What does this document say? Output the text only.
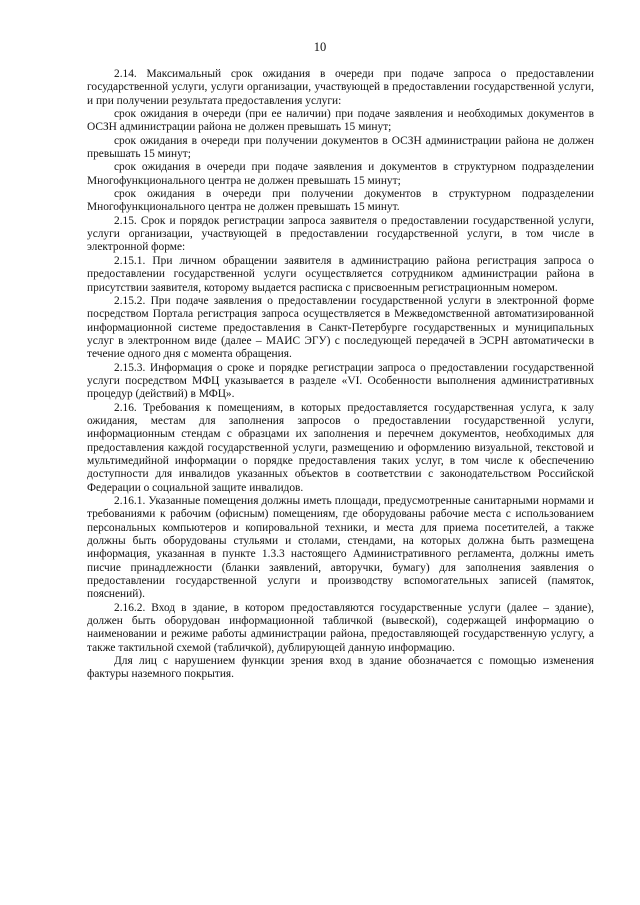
10

2.14. Максимальный срок ожидания в очереди при подаче запроса о предоставлении государственной услуги, услуги организации, участвующей в предоставлении государственной услуги, и при получении результата предоставления услуги:

срок ожидания в очереди (при ее наличии) при подаче заявления и необходимых документов в ОСЗН администрации района не должен превышать 15 минут;

срок ожидания в очереди при получении документов в ОСЗН администрации района не должен превышать 15 минут;

срок ожидания в очереди при подаче заявления и документов в структурном подразделении Многофункционального центра не должен превышать 15 минут;

срок ожидания в очереди при получении документов в структурном подразделении Многофункционального центра не должен превышать 15 минут.

2.15. Срок и порядок регистрации запроса заявителя о предоставлении государственной услуги, услуги организации, участвующей в предоставлении государственной услуги, в том числе в электронной форме:

2.15.1. При личном обращении заявителя в администрацию района регистрация запроса о предоставлении государственной услуги осуществляется сотрудником администрации района в присутствии заявителя, которому выдается расписка с присвоенным регистрационным номером.

2.15.2. При подаче заявления о предоставлении государственной услуги в электронной форме посредством Портала регистрация запроса осуществляется в Межведомственной автоматизированной информационной системе предоставления в Санкт-Петербурге государственных и муниципальных услуг в электронном виде (далее – МАИС ЭГУ) с последующей передачей в ЭСРН автоматически в течение одного дня с момента обращения.

2.15.3. Информация о сроке и порядке регистрации запроса о предоставлении государственной услуги посредством МФЦ указывается в разделе «VI. Особенности выполнения административных процедур (действий) в МФЦ».

2.16. Требования к помещениям, в которых предоставляется государственная услуга, к залу ожидания, местам для заполнения запросов о предоставлении государственной услуги, информационным стендам с образцами их заполнения и перечнем документов, необходимых для предоставления каждой государственной услуги, размещению и оформлению визуальной, текстовой и мультимедийной информации о порядке предоставления таких услуг, в том числе к обеспечению доступности для инвалидов указанных объектов в соответствии с законодательством Российской Федерации о социальной защите инвалидов.

2.16.1. Указанные помещения должны иметь площади, предусмотренные санитарными нормами и требованиями к рабочим (офисным) помещениям, где оборудованы рабочие места с использованием персональных компьютеров и копировальной техники, и места для приема посетителей, а также должны быть оборудованы стульями и столами, стендами, на которых должна быть размещена информация, указанная в пункте 1.3.3 настоящего Административного регламента, должны иметь писчие принадлежности (бланки заявлений, авторучки, бумагу) для заполнения заявления о предоставлении государственной услуги и производству вспомогательных записей (памяток, пояснений).

2.16.2. Вход в здание, в котором предоставляются государственные услуги (далее – здание), должен быть оборудован информационной табличкой (вывеской), содержащей информацию о наименовании и режиме работы администрации района, предоставляющей государственную услугу, а также тактильной схемой (табличкой), дублирующей данную информацию.

Для лиц с нарушением функции зрения вход в здание обозначается с помощью изменения фактуры наземного покрытия.
